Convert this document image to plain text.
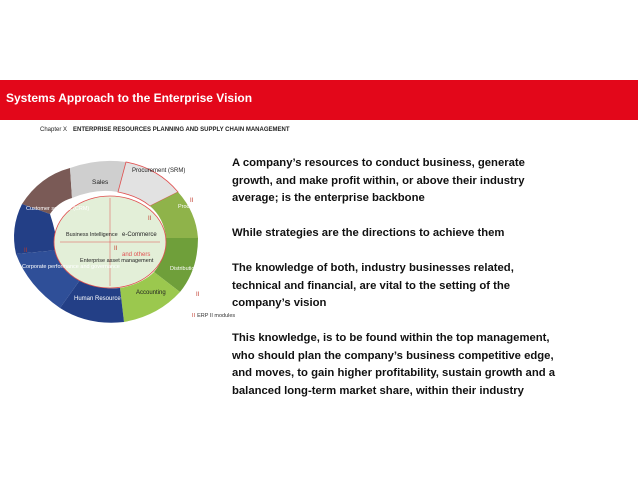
Systems Approach to the Enterprise Vision
Chapter X ENTERPRISE RESOURCES PLANNING AND SUPPLY CHAIN MANAGEMENT
Sales
Procurement (SRM)
Production (PLM)
Distribution (SCM)
Accounting
Human Resource
Customer services (CRM)
Corporate performance and governance
Business Intelligence e-Commerce
Enterprise asset management
and others
II
II
II
II
II
II ERP II modules

A company’s resources to conduct business, generate growth, and make profit within, or above their industry average; is the enterprise backbone

While strategies are the directions to achieve them

The knowledge of both, industry businesses related, technical and financial, are vital to the setting of the company’s vision

This knowledge, is to be found within the top management, who should plan the company’s business competitive edge, and moves, to gain higher profitability, sustain growth and a balanced long-term market share, within their industry
